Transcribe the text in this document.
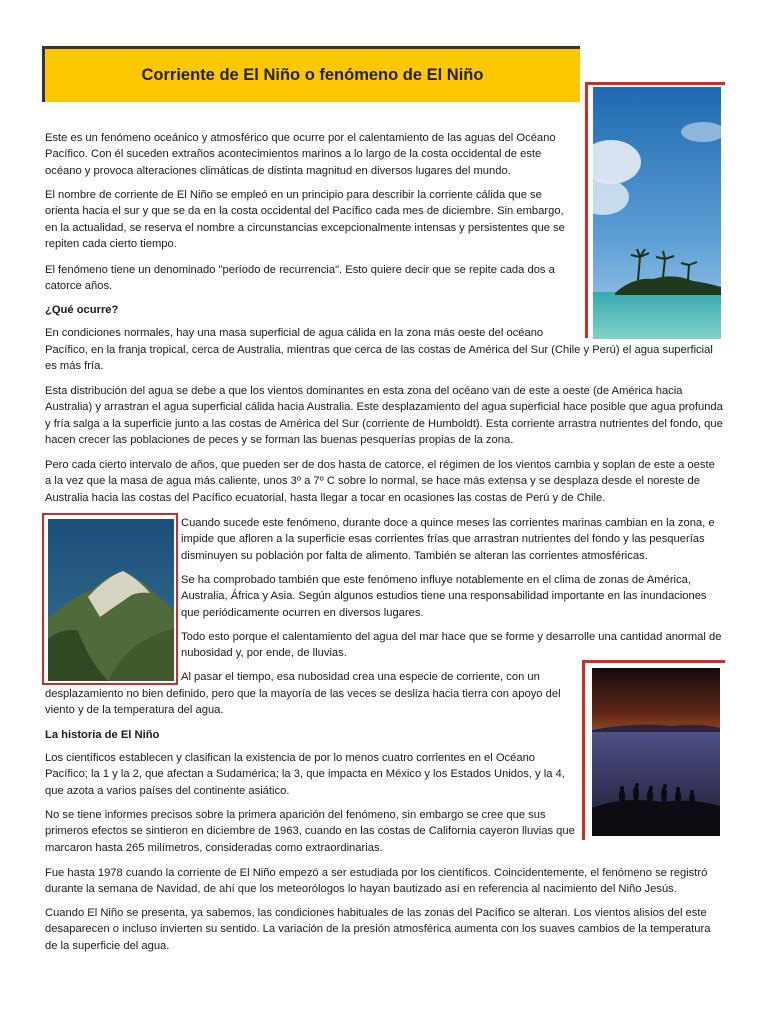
Corriente de El Niño o fenómeno de El Niño

Este es un fenómeno oceánico y atmosférico que ocurre por el calentamiento de las aguas del Océano Pacífico. Con él suceden extraños acontecimientos marinos a lo largo de la costa occidental de este océano y provoca alteraciones climáticas de distinta magnitud en diversos lugares del mundo.

El nombre de corriente de El Niño se empleó en un principio para describir la corriente cálida que se orienta hacia el sur y que se da en la costa occidental del Pacífico cada mes de diciembre. Sin embargo, en la actualidad, se reserva el nombre a circunstancias excepcionalmente intensas y persistentes que se repiten cada cierto tiempo.

El fenómeno tiene un denominado "período de recurrencia". Esto quiere decir que se repite cada dos a catorce años.

¿Qué ocurre?

En condiciones normales, hay una masa superficial de agua cálida en la zona más oeste del océano

Pacífico, en la franja tropical, cerca de Australia, mientras que cerca de las costas de América del Sur (Chile y Perú) el agua superficial es más fría.

Esta distribución del agua se debe a que los vientos dominantes en esta zona del océano van de este a oeste (de América hacia Australia) y arrastran el agua superficial cálida hacia Australia. Este desplazamiento del agua superficial hace posible que agua profunda y fría salga a la superficie junto a las costas de América del Sur (corriente de Humboldt). Esta corriente arrastra nutrientes del fondo, que hacen crecer las poblaciones de peces y se forman las buenas pesquerías propias de la zona.

Pero cada cierto intervalo de años, que pueden ser de dos hasta de catorce, el régimen de los vientos cambia y soplan de este a oeste a la vez que la masa de agua más caliente, unos 3º a 7º C sobre lo normal, se hace más extensa y se desplaza desde el noreste de Australia hacia las costas del Pacífico ecuatorial, hasta llegar a tocar en ocasiones las costas de Perú y de Chile.

Cuando sucede este fenómeno, durante doce a quince meses las corrientes marinas cambian en la zona, e impide que afloren a la superficie esas corrientes frías que arrastran nutrientes del fondo y las pesquerías disminuyen su población por falta de alimento. También se alteran las corrientes atmosféricas.

Se ha comprobado también que este fenómeno influye notablemente en el clima de zonas de América, Australia, África y Asia. Según algunos estudios tiene una responsabilidad importante en las inundaciones que periódicamente ocurren en diversos lugares.

Todo esto porque el calentamiento del agua del mar hace que se forme y desarrolle una cantidad anormal de nubosidad y, por ende, de lluvias.

Al pasar el tiempo, esa nubosidad crea una especie de corriente, con un

desplazamiento no bien definido, pero que la mayoría de las veces se desliza hacia tierra con apoyo del viento y de la temperatura del agua.

La historia de El Niño

Los científicos establecen y clasifican la existencia de por lo menos cuatro corrientes en el Océano Pacífico; la 1 y la 2, que afectan a Sudamérica; la 3, que impacta en México y los Estados Unidos, y la 4, que azota a varios países del continente asiático.

No se tiene informes precisos sobre la primera aparición del fenómeno, sin embargo se cree que sus primeros efectos se sintieron en diciembre de 1963, cuando en las costas de California cayeron lluvias que marcaron hasta 265 milímetros, consideradas como extraordinarias.

Fue hasta 1978 cuando la corriente de El Niño empezó a ser estudiada por los científicos. Coincidentemente, el fenómeno se registró durante la semana de Navidad, de ahí que los meteorólogos lo hayan bautizado así en referencia al nacimiento del Niño Jesús.

Cuando El Niño se presenta, ya sabemos, las condiciones habituales de las zonas del Pacífico se alteran. Los vientos alisios del este desaparecen o incluso invierten su sentido. La variación de la presión atmosférica aumenta con los suaves cambios de la temperatura de la superficie del agua.
